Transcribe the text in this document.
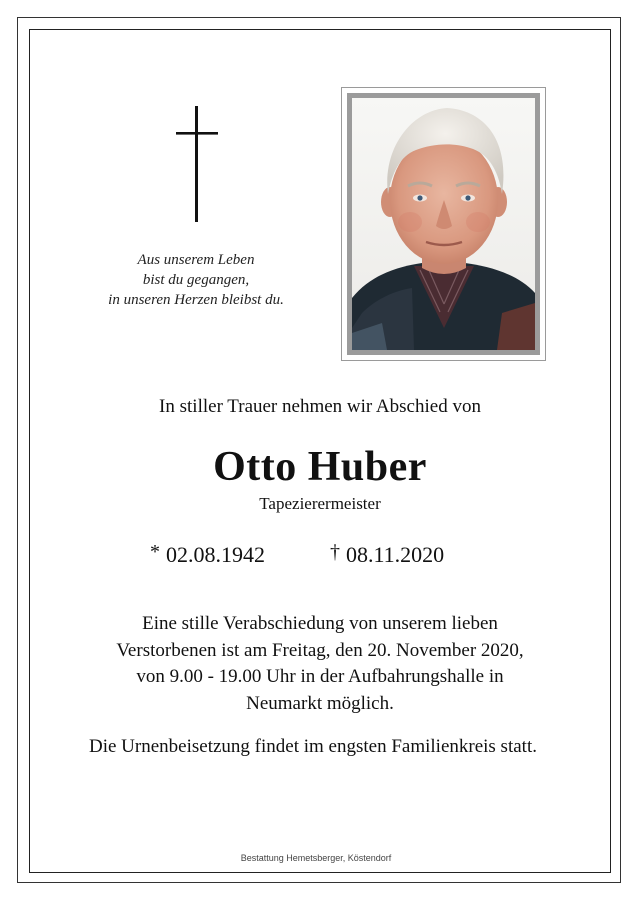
Aus unserem Leben
bist du gegangen,
in unseren Herzen bleibst du.
In stiller Trauer nehmen wir Abschied von
Otto Huber
Tapezierermeister
* 02.08.1942	† 08.11.2020
Eine stille Verabschiedung von unserem lieben
Verstorbenen ist am Freitag, den 20. November 2020,
von 9.00 - 19.00 Uhr in der Aufbahrungshalle in
Neumarkt möglich.
Die Urnenbeisetzung findet im engsten Familienkreis statt.
Bestattung Hemetsberger, Köstendorf
